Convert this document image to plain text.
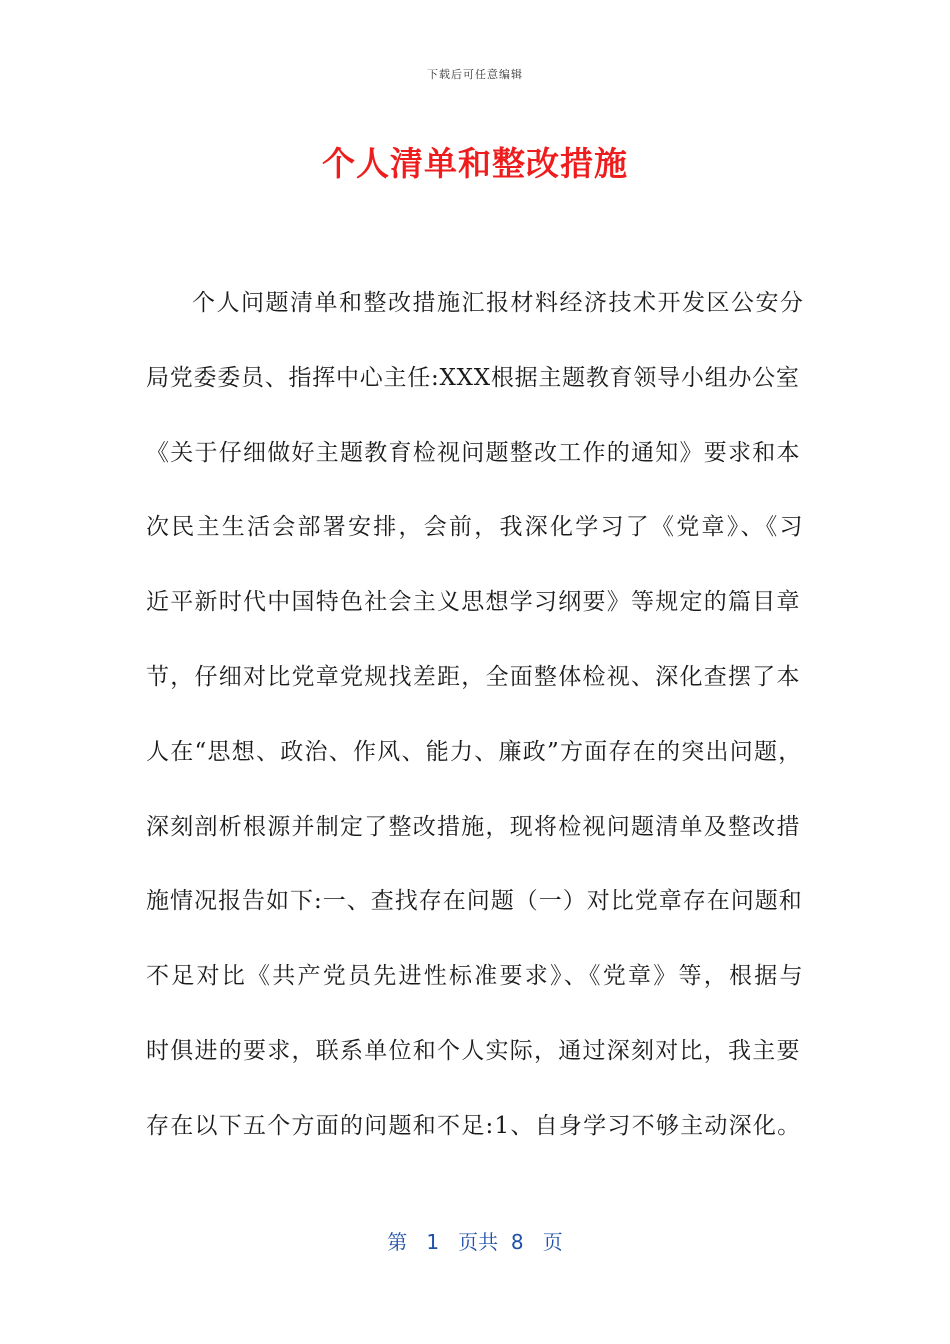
下载后可任意编辑
个人清单和整改措施
个人问题清单和整改措施汇报材料经济技术开发区公安分
局党委委员、指挥中心主任:XXX根据主题教育领导小组办公室
《关于仔细做好主题教育检视问题整改工作的通知》要求和本
次民主生活会部署安排，会前，我深化学习了《党章》、《习
近平新时代中国特色社会主义思想学习纲要》等规定的篇目章
节，仔细对比党章党规找差距，全面整体检视、深化查摆了本
人在“思想、政治、作风、能力、廉政”方面存在的突出问题，
深刻剖析根源并制定了整改措施，现将检视问题清单及整改措
施情况报告如下:一、查找存在问题（一）对比党章存在问题和
不足对比《共产党员先进性标准要求》、《党章》等，根据与
时俱进的要求，联系单位和个人实际，通过深刻对比，我主要
存在以下五个方面的问题和不足:1、自身学习不够主动深化。
第 1 页共 8 页
